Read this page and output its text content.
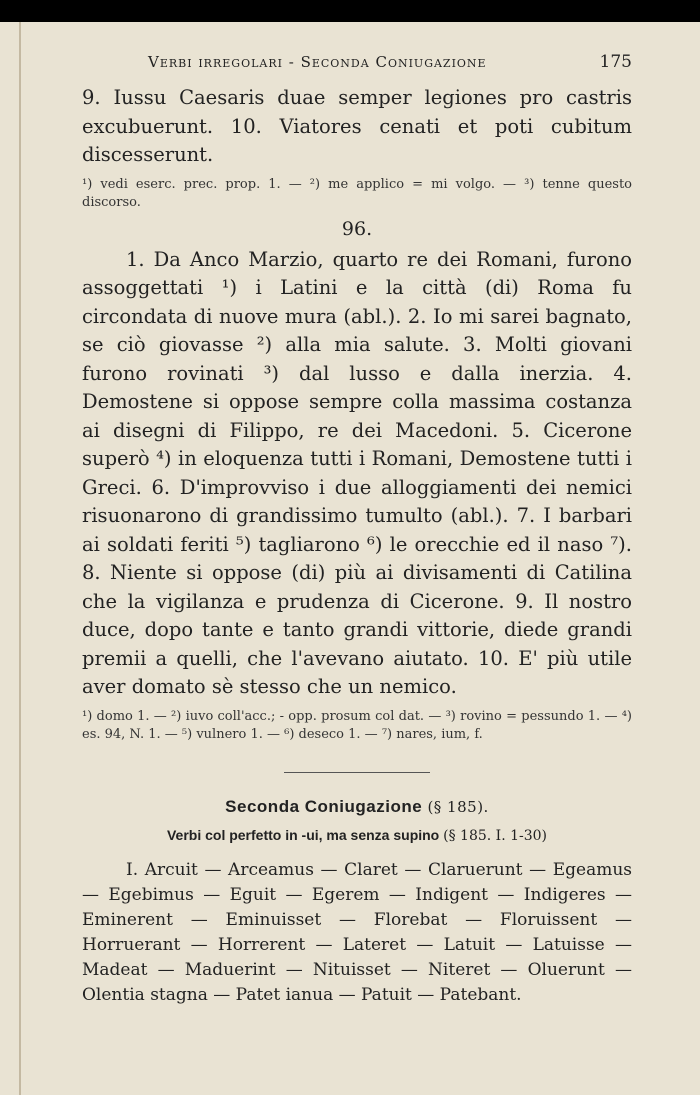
Verbi irregolari - Seconda Coniugazione	175

9. Iussu Caesaris duae semper legiones pro castris excubuerunt. 10. Viatores cenati et poti cubitum discesserunt.

¹) vedi eserc. prec. prop. 1. — ²) me applico = mi volgo. — ³) tenne questo discorso.

96.

1. Da Anco Marzio, quarto re dei Romani, furono assoggettati ¹) i Latini e la città (di) Roma fu circondata di nuove mura (abl.). 2. Io mi sarei bagnato, se ciò giovasse ²) alla mia salute. 3. Molti giovani furono rovinati ³) dal lusso e dalla inerzia. 4. Demostene si oppose sempre colla massima costanza ai disegni di Filippo, re dei Macedoni. 5. Cicerone superò ⁴) in eloquenza tutti i Romani, Demostene tutti i Greci. 6. D'improvviso i due alloggiamenti dei nemici risuonarono di grandissimo tumulto (abl.). 7. I barbari ai soldati feriti ⁵) tagliarono ⁶) le orecchie ed il naso ⁷). 8. Niente si oppose (di) più ai divisamenti di Catilina che la vigilanza e prudenza di Cicerone. 9. Il nostro duce, dopo tante e tanto grandi vittorie, diede grandi premii a quelli, che l'avevano aiutato. 10. E' più utile aver domato sè stesso che un nemico.

¹) domo 1. — ²) iuvo coll'acc.; - opp. prosum col dat. — ³) rovino = pessundo 1. — ⁴) es. 94, N. 1. — ⁵) vulnero 1. — ⁶) deseco 1. — ⁷) nares, ium, f.

Seconda Coniugazione (§ 185).
Verbi col perfetto in -ui, ma senza supino (§ 185. I. 1-30)

I. Arcuit — Arceamus — Claret — Claruerunt — Egeamus — Egebimus — Eguit — Egerem — Indigent — Indigeres — Eminerent — Eminuisset — Florebat — Floruissent — Horruerant — Horrerent — Lateret — Latuit — Latuisse — Madeat — Maduerint — Nituisset — Niteret — Oluerunt — Olentia stagna — Patet ianua — Patuit — Patebant.
